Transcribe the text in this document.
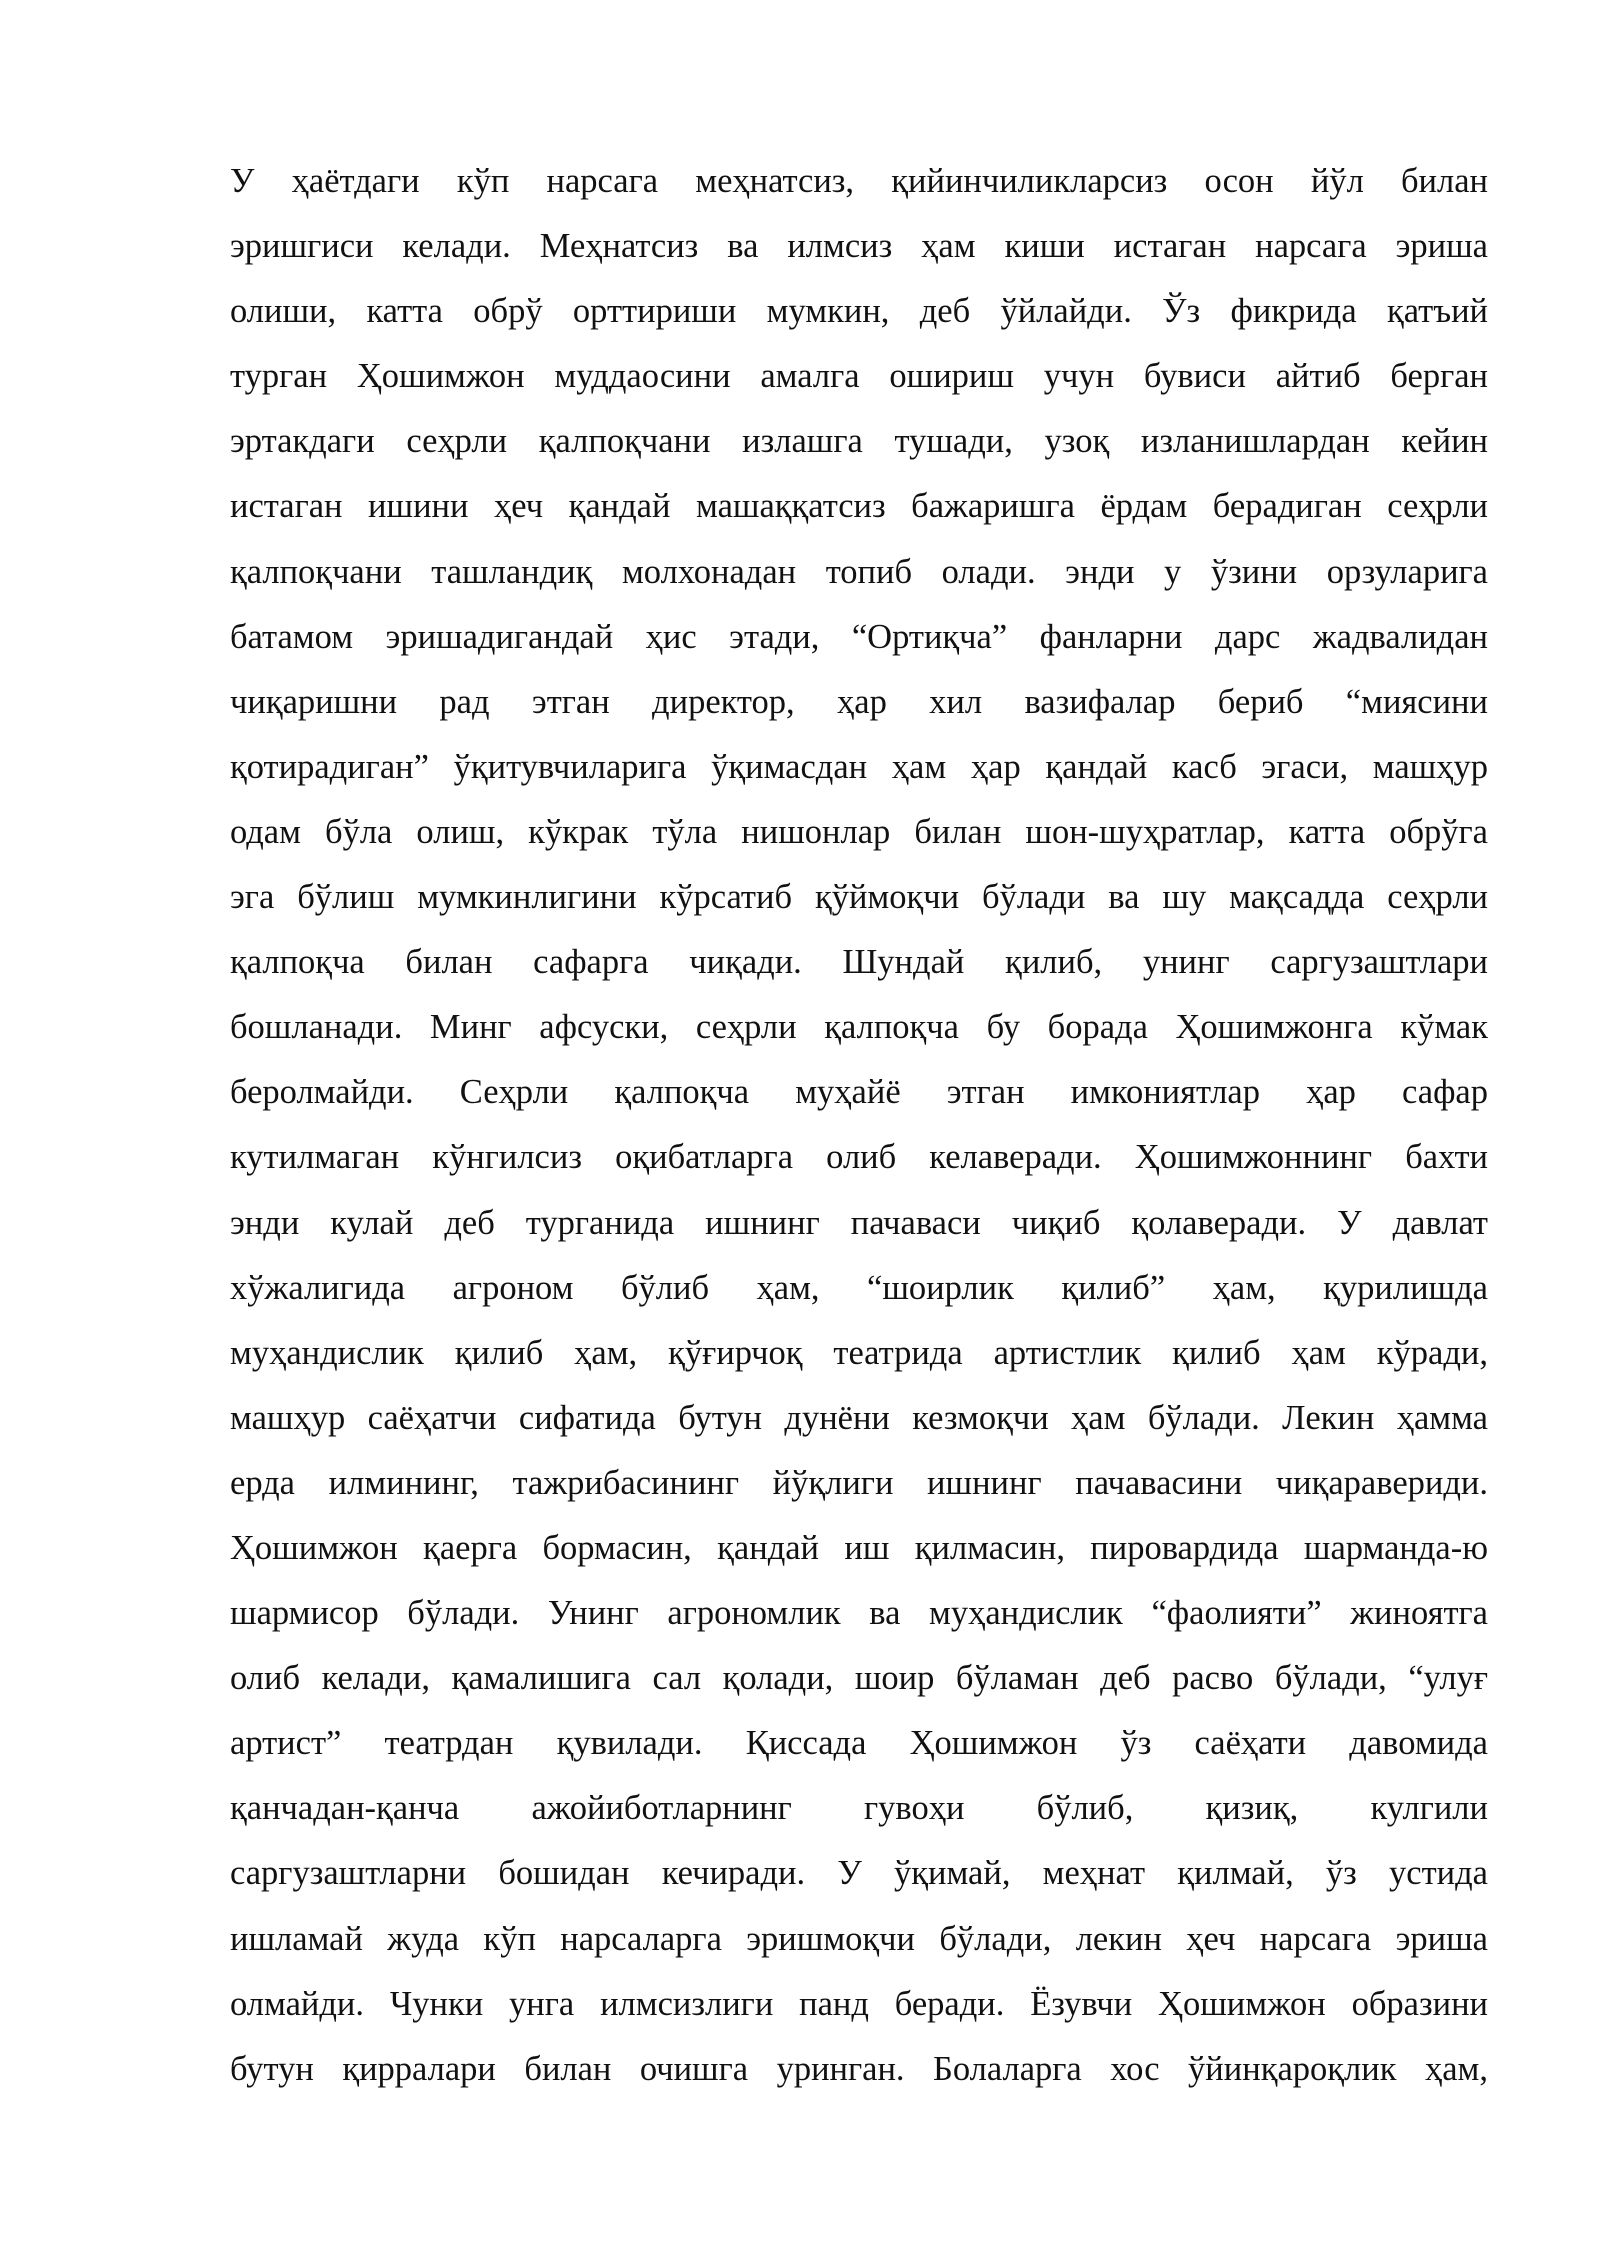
У ҳаётдаги кўп нарсага меҳнатсиз, қийинчиликларсиз осон йўл билан
эришгиси келади. Меҳнатсиз ва илмсиз ҳам киши истаган нарсага эриша
олиши, катта обрў орттириши мумкин, деб ўйлайди. Ўз фикрида қатъий
турган Ҳошимжон муддаосини амалга ошириш учун бувиси айтиб берган
эртакдаги сеҳрли қалпоқчани излашга тушади, узоқ изланишлардан кейин
истаган ишини ҳеч қандай машаққатсиз бажаришга ёрдам берадиган сеҳрли
қалпоқчани ташландиқ молхонадан топиб олади. энди у ўзини орзуларига
батамом эришадигандай ҳис этади, “Ортиқча” фанларни дарс жадвалидан
чиқаришни рад этган директор, ҳар хил вазифалар бериб “миясини
қотирадиган” ўқитувчиларига ўқимасдан ҳам ҳар қандай касб эгаси, машҳур
одам бўла олиш, кўкрак тўла нишонлар билан шон-шуҳратлар, катта обрўга
эга бўлиш мумкинлигини кўрсатиб қўймоқчи бўлади ва шу мақсадда сеҳрли
қалпоқча билан сафарга чиқади. Шундай қилиб, унинг саргузаштлари
бошланади. Минг афсуски, сеҳрли қалпоқча бу борада Ҳошимжонга кўмак
беролмайди. Сеҳрли қалпоқча муҳайё этган имкониятлар ҳар сафар
кутилмаган кўнгилсиз оқибатларга олиб келаверади. Ҳошимжоннинг бахти
энди кулай деб турганида ишнинг пачаваси чиқиб қолаверади. У давлат
хўжалигида агроном бўлиб ҳам, “шоирлик қилиб” ҳам, қурилишда
муҳандислик қилиб ҳам, қўғирчоқ театрида артистлик қилиб ҳам кўради,
машҳур саёҳатчи сифатида бутун дунёни кезмоқчи ҳам бўлади. Лекин ҳамма
ерда илмининг, тажрибасининг йўқлиги ишнинг пачавасини чиқаравериди.
Ҳошимжон қаерга бормасин, қандай иш қилмасин, пировардида шарманда-ю
шармисор бўлади. Унинг агрономлик ва муҳандислик “фаолияти” жиноятга
олиб келади, қамалишига сал қолади, шоир бўламан деб расво бўлади, “улуғ
артист” театрдан қувилади. Қиссада Ҳошимжон ўз саёҳати давомида
қанчадан-қанча ажойиботларнинг гувоҳи бўлиб, қизиқ, кулгили
саргузаштларни бошидан кечиради. У ўқимай, меҳнат қилмай, ўз устида
ишламай жуда кўп нарсаларга эришмоқчи бўлади, лекин ҳеч нарсага эриша
олмайди. Чунки унга илмсизлиги панд беради. Ёзувчи Ҳошимжон образини
бутун қирралари билан очишга уринган. Болаларга хос ўйинқароқлик ҳам,
